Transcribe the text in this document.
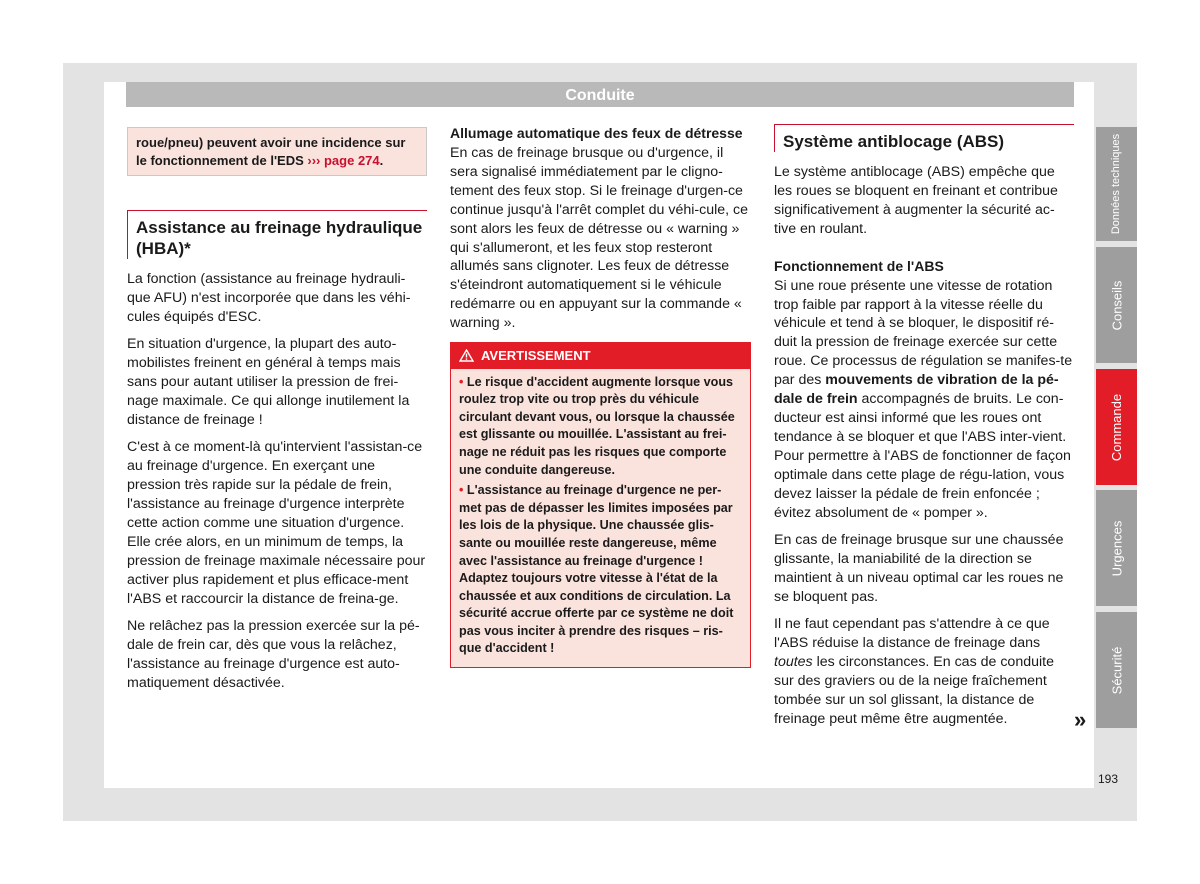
Conduite
roue/pneu) peuvent avoir une incidence sur le fonctionnement de l'EDS ››› page 274.
Assistance au freinage hydraulique (HBA)*

La fonction (assistance au freinage hydrauli-que AFU) n'est incorporée que dans les véhi-cules équipés d'ESC.

En situation d'urgence, la plupart des auto-mobilistes freinent en général à temps mais sans pour autant utiliser la pression de frei-nage maximale. Ce qui allonge inutilement la distance de freinage !

C'est à ce moment-là qu'intervient l'assistan-ce au freinage d'urgence. En exerçant une pression très rapide sur la pédale de frein, l'assistance au freinage d'urgence interprète cette action comme une situation d'urgence. Elle crée alors, en un minimum de temps, la pression de freinage maximale nécessaire pour activer plus rapidement et plus efficace-ment l'ABS et raccourcir la distance de freina-ge.

Ne relâchez pas la pression exercée sur la pé-dale de frein car, dès que vous la relâchez, l'assistance au freinage d'urgence est auto-matiquement désactivée.

Allumage automatique des feux de détresse

En cas de freinage brusque ou d'urgence, il sera signalisé immédiatement par le cligno-tement des feux stop. Si le freinage d'urgen-ce continue jusqu'à l'arrêt complet du véhi-cule, ce sont alors les feux de détresse ou « warning » qui s'allumeront, et les feux stop resteront allumés sans clignoter. Les feux de détresse s'éteindront automatiquement si le véhicule redémarre ou en appuyant sur la commande « warning ».

AVERTISSEMENT
• Le risque d'accident augmente lorsque vous roulez trop vite ou trop près du véhicule circulant devant vous, ou lorsque la chaussée est glissante ou mouillée. L'assistant au frei-nage ne réduit pas les risques que comporte une conduite dangereuse.
• L'assistance au freinage d'urgence ne per-met pas de dépasser les limites imposées par les lois de la physique. Une chaussée glis-sante ou mouillée reste dangereuse, même avec l'assistance au freinage d'urgence ! Adaptez toujours votre vitesse à l'état de la chaussée et aux conditions de circulation. La sécurité accrue offerte par ce système ne doit pas vous inciter à prendre des risques – ris-que d'accident !
Système antiblocage (ABS)

Le système antiblocage (ABS) empêche que les roues se bloquent en freinant et contribue significativement à augmenter la sécurité ac-tive en roulant.

Fonctionnement de l'ABS

Si une roue présente une vitesse de rotation trop faible par rapport à la vitesse réelle du véhicule et tend à se bloquer, le dispositif ré-duit la pression de freinage exercée sur cette roue. Ce processus de régulation se manifes-te par des mouvements de vibration de la pé-dale de frein accompagnés de bruits. Le con-ducteur est ainsi informé que les roues ont tendance à se bloquer et que l'ABS inter-vient. Pour permettre à l'ABS de fonctionner de façon optimale dans cette plage de régu-lation, vous devez laisser la pédale de frein enfoncée ; évitez absolument de « pomper ».

En cas de freinage brusque sur une chaussée glissante, la maniabilité de la direction se maintient à un niveau optimal car les roues ne se bloquent pas.

Il ne faut cependant pas s'attendre à ce que l'ABS réduise la distance de freinage dans toutes les circonstances. En cas de conduite sur des graviers ou de la neige fraîchement tombée sur un sol glissant, la distance de freinage peut même être augmentée.	»
Données techniques
Conseils
Commande
Urgences
Sécurité
193
